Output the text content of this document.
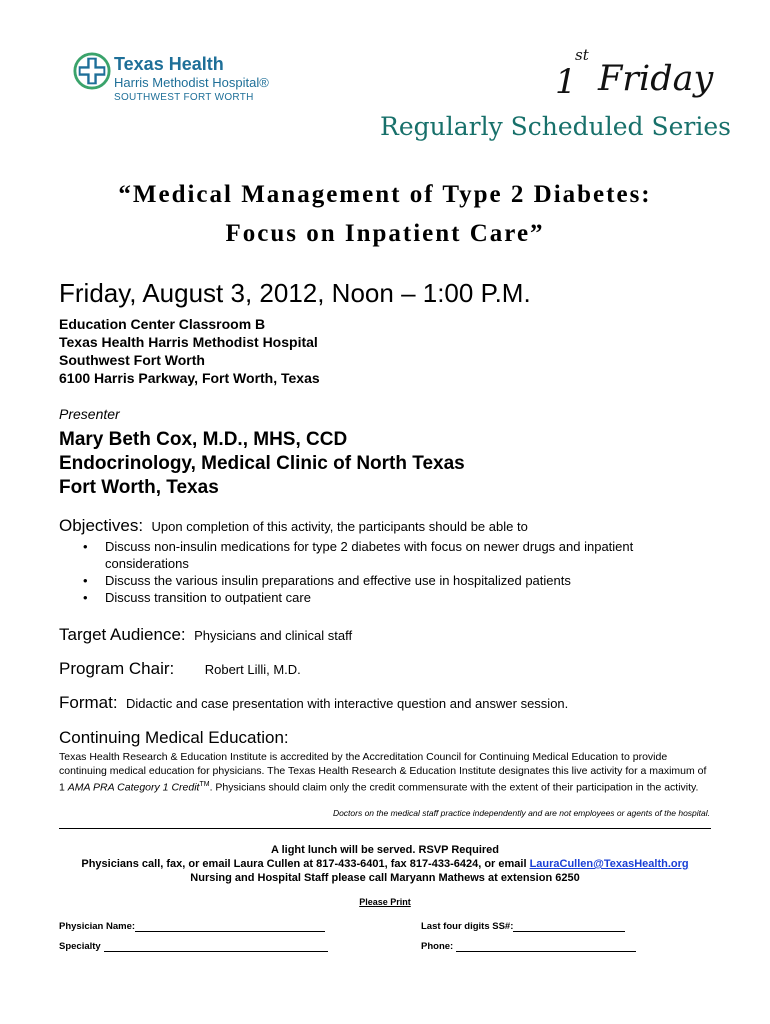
Texas Health
Harris Methodist Hospital®
SOUTHWEST FORT WORTH	1
st
Friday
Regularly Scheduled Series
“Medical Management of Type 2 Diabetes:
Focus on Inpatient Care”
Friday, August 3, 2012, Noon – 1:00 P.M.
Education Center Classroom B
Texas Health Harris Methodist Hospital
Southwest Fort Worth
6100 Harris Parkway, Fort Worth, Texas
Presenter
Mary Beth Cox, M.D., MHS, CCD
Endocrinology, Medical Clinic of North Texas
Fort Worth, Texas
Objectives: Upon completion of this activity, the participants should be able to
• Discuss non-insulin medications for type 2 diabetes with focus on newer drugs and inpatient considerations
• Discuss the various insulin preparations and effective use in hospitalized patients
• Discuss transition to outpatient care
Target Audience: Physicians and clinical staff
Program Chair: Robert Lilli, M.D.
Format: Didactic and case presentation with interactive question and answer session.
Continuing Medical Education:
Texas Health Research & Education Institute is accredited by the Accreditation Council for Continuing Medical Education to provide continuing medical education for physicians. The Texas Health Research & Education Institute designates this live activity for a maximum of 1 AMA PRA Category 1 Credit™. Physicians should claim only the credit commensurate with the extent of their participation in the activity.
Doctors on the medical staff practice independently and are not employees or agents of the hospital.
A light lunch will be served. RSVP Required
Physicians call, fax, or email Laura Cullen at 817-433-6401, fax 817-433-6424, or email LauraCullen@TexasHealth.org
Nursing and Hospital Staff please call Maryann Mathews at extension 6250
Please Print
Physician Name:	Last four digits SS#:
Specialty	Phone:
